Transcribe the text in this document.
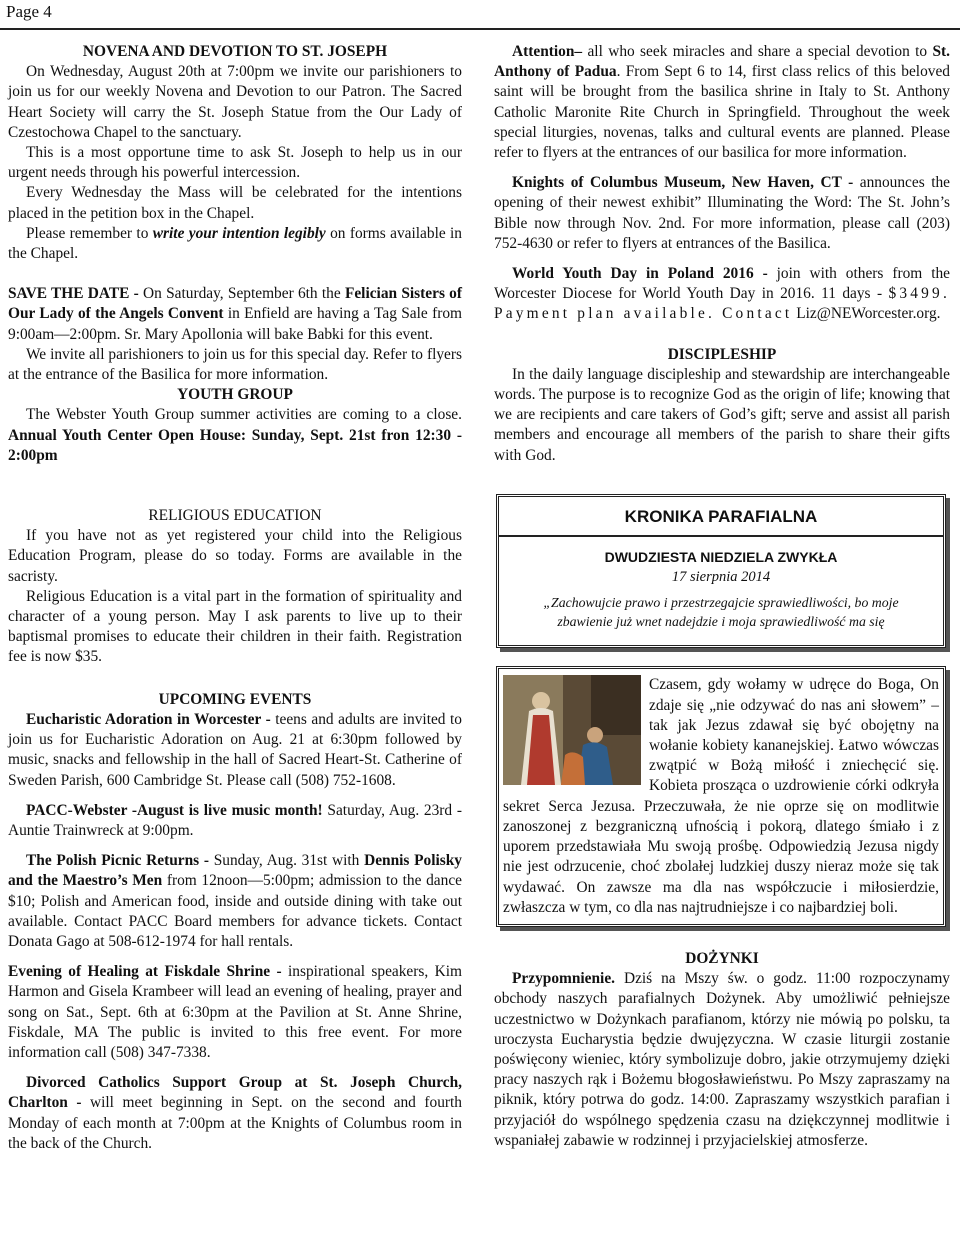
Page 4

NOVENA AND DEVOTION TO ST. JOSEPH

On Wednesday, August 20th at 7:00pm we invite our parishioners to join us for our weekly Novena and Devotion to our Patron. The Sacred Heart Society will carry the St. Joseph Statue from the Our Lady of Czestochowa Chapel to the sanctuary.

This is a most opportune time to ask St. Joseph to help us in our urgent needs through his powerful intercession.

Every Wednesday the Mass will be celebrated for the intentions placed in the petition box in the Chapel.

Please remember to write your intention legibly on forms available in the Chapel.

SAVE THE DATE - On Saturday, September 6th the Felician Sisters of Our Lady of the Angels Convent in Enfield are having a Tag Sale from 9:00am—2:00pm. Sr. Mary Apollonia will bake Babki for this event.

We invite all parishioners to join us for this special day. Refer to flyers at the entrance of the Basilica for more information.

YOUTH GROUP

The Webster Youth Group summer activities are coming to a close. Annual Youth Center Open House: Sunday, Sept. 21st fron 12:30 - 2:00pm

RELIGIOUS EDUCATION

If you have not as yet registered your child into the Religious Education Program, please do so today. Forms are available in the sacristy.

Religious Education is a vital part in the formation of spirituality and character of a young person. May I ask parents to live up to their baptismal promises to educate their children in their faith. Registration fee is now $35.

UPCOMING EVENTS

Eucharistic Adoration in Worcester - teens and adults are invited to join us for Eucharistic Adoration on Aug. 21 at 6:30pm followed by music, snacks and fellowship in the hall of Sacred Heart-St. Catherine of Sweden Parish, 600 Cambridge St. Please call (508) 752-1608.

PACC-Webster -August is live music month! Saturday, Aug. 23rd - Auntie Trainwreck at 9:00pm.

The Polish Picnic Returns - Sunday, Aug. 31st with Dennis Polisky and the Maestro’s Men from 12noon—5:00pm; admission to the dance $10; Polish and American food, inside and outside dining with take out available. Contact PACC Board members for advance tickets. Contact Donata Gago at 508-612-1974 for hall rentals.

Evening of Healing at Fiskdale Shrine - inspirational speakers, Kim Harmon and Gisela Krambeer will lead an evening of healing, prayer and song on Sat., Sept. 6th at 6:30pm at the Pavilion at St. Anne Shrine, Fiskdale, MA The public is invited to this free event. For more information call (508) 347-7338.

Divorced Catholics Support Group at St. Joseph Church, Charlton - will meet beginning in Sept. on the second and fourth Monday of each month at 7:00pm at the Knights of Columbus room in the back of the Church.

Attention– all who seek miracles and share a special devotion to St. Anthony of Padua. From Sept 6 to 14, first class relics of this beloved saint will be brought from the basilica shrine in Italy to St. Anthony Catholic Maronite Rite Church in Springfield. Throughout the week special liturgies, novenas, talks and cultural events are planned. Please refer to flyers at the entrances of our basilica for more information.

Knights of Columbus Museum, New Haven, CT - announces the opening of their newest exhibit” Illuminating the Word: The St. John’s Bible now through Nov. 2nd. For more information, please call (203) 752-4630 or refer to flyers at entrances of the Basilica.

World Youth Day in Poland 2016 - join with others from the Worcester Diocese for World Youth Day in 2016. 11 days - $3499. Payment plan available. Contact Liz@NEWorcester.org.

DISCIPLESHIP

In the daily language discipleship and stewardship are interchangeable words. The purpose is to recognize God as the origin of life; knowing that we are recipients and care takers of God’s gift; serve and assist all parish members and encourage all members of the parish to share their gifts with God.

KRONIKA PARAFIALNA
DWUDZIESTA NIEDZIELA ZWYKŁA
17 sierpnia 2014
„Zachowujcie prawo i przestrzegajcie sprawiedliwości, bo moje zbawienie już wnet nadejdzie i moja sprawiedliwość ma się
Czasem, gdy wołamy w udręce do Boga, On zdaje się „nie odzywać do nas ani słowem” – tak jak Jezus zdawał się być obojętny na wołanie kobiety kananejskiej. Łatwo wówczas zwątpić w Bożą miłość i zniechęcić się. Kobieta prosząca o uzdrowienie córki odkryła sekret Serca Jezusa. Przeczuwała, że nie oprze się on modlitwie zanoszonej z bezgraniczną ufnością i pokorą, dlatego śmiało i z uporem przedstawiała Mu swoją prośbę. Odpowiedzią Jezusa nigdy nie jest odrzucenie, choć zbolałej ludzkiej duszy nieraz może się tak wydawać. On zawsze ma dla nas współczucie i miłosierdzie, zwłaszcza w tym, co dla nas najtrudniejsze i co najbardziej boli.

DOŻYNKI

Przypomnienie. Dziś na Mszy św. o godz. 11:00 rozpoczynamy obchody naszych parafialnych Dożynek. Aby umożliwić pełniejsze uczestnictwo w Dożynkach parafianom, którzy nie mówią po polsku, ta uroczysta Eucharystia będzie dwujęzyczna. W czasie liturgii zostanie poświęcony wieniec, który symbolizuje dobro, jakie otrzymujemy dzięki pracy naszych rąk i Bożemu błogosławieństwu. Po Mszy zapraszamy na piknik, który potrwa do godz. 14:00. Zapraszamy wszystkich parafian i przyjaciół do wspólnego spędzenia czasu na dziękczynnej modlitwie i wspaniałej zabawie w rodzinnej i przyjacielskiej atmosferze.
